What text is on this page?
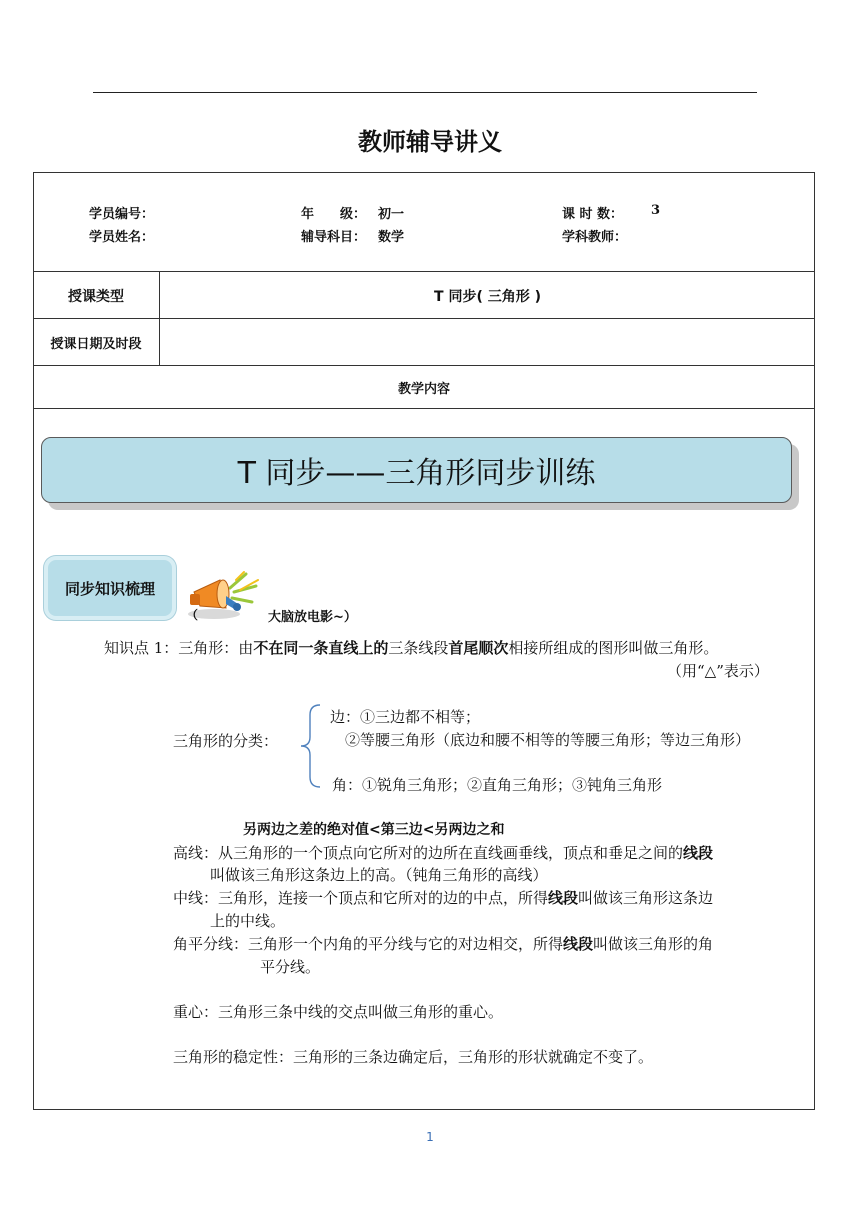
教师辅导讲义
学员编号：	年　　级： 初一	课 时 数： 3
学员姓名：	辅导科目： 数学	学科教师：
授课类型	T 同步( 三角形 )
授课日期及时段
教学内容
T 同步——三角形同步训练
同步知识梳理
（	大脑放电影~）
知识点 1：三角形：由不在同一条直线上的三条线段首尾顺次相接所组成的图形叫做三角形。
（用“△”表示）
三角形的分类：
边：①三边都不相等；
②等腰三角形（底边和腰不相等的等腰三角形；等边三角形）
角：①锐角三角形；②直角三角形；③钝角三角形
另两边之差的绝对值<第三边<另两边之和
高线：从三角形的一个顶点向它所对的边所在直线画垂线，顶点和垂足之间的线段
叫做该三角形这条边上的高。（钝角三角形的高线）
中线：三角形，连接一个顶点和它所对的边的中点，所得线段叫做该三角形这条边
上的中线。
角平分线：三角形一个内角的平分线与它的对边相交，所得线段叫做该三角形的角
平分线。
重心：三角形三条中线的交点叫做三角形的重心。
三角形的稳定性：三角形的三条边确定后，三角形的形状就确定不变了。
1
